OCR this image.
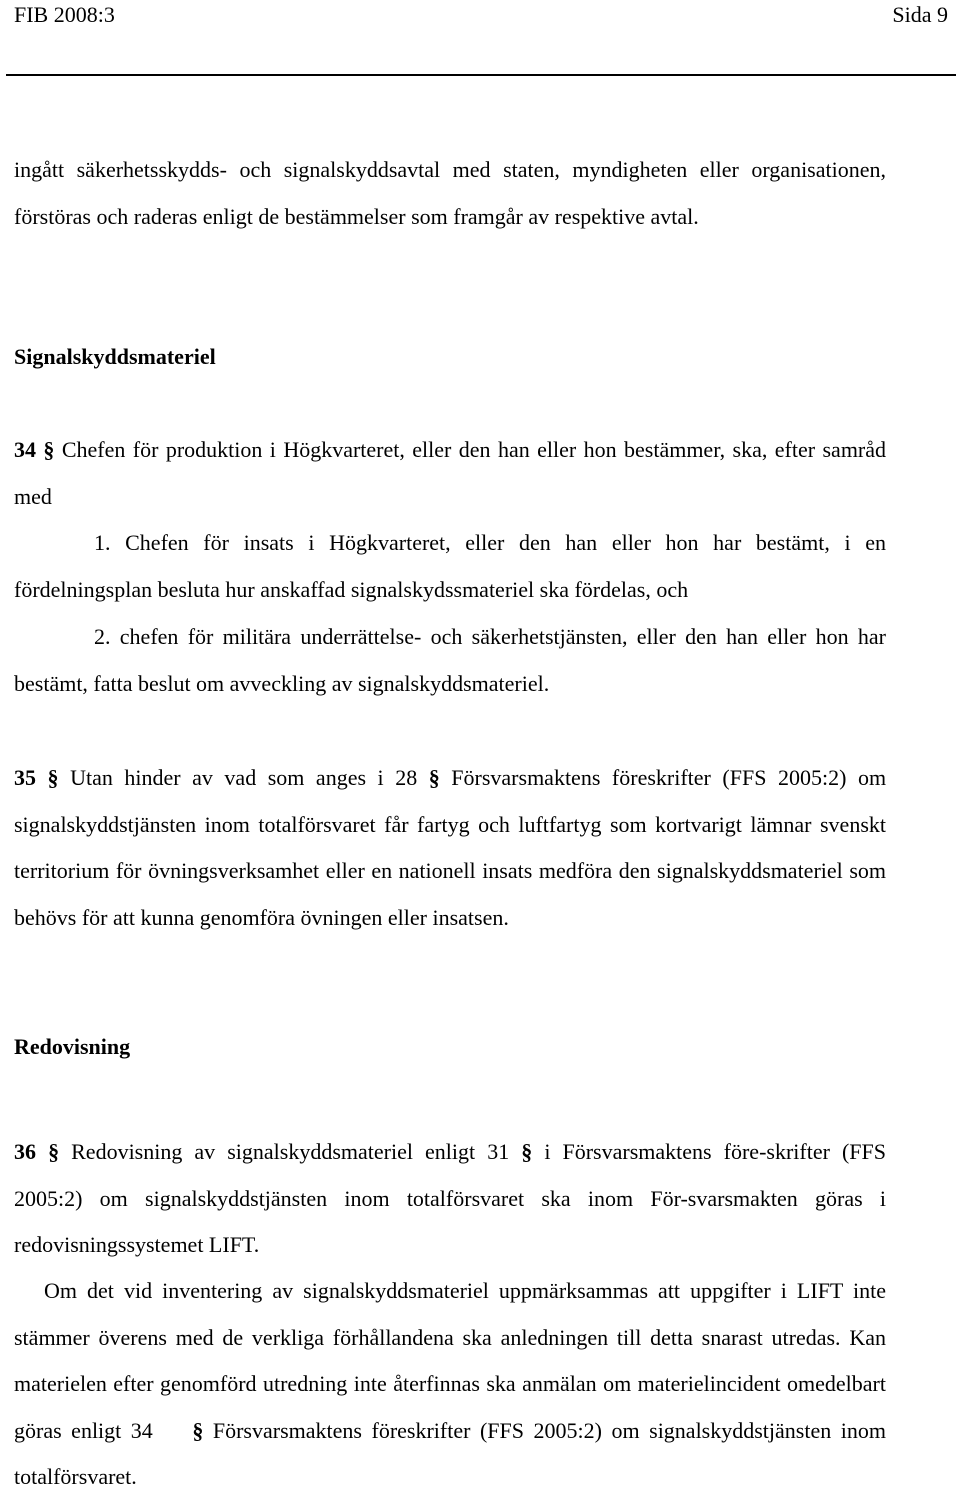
FIB 2008:3	Sida 9

ingått säkerhetsskydds- och signalskyddsavtal med staten, myndigheten eller organisationen, förstöras och raderas enligt de bestämmelser som framgår av respektive avtal.

Signalskyddsmateriel

34 § Chefen för produktion i Högkvarteret, eller den han eller hon bestämmer, ska, efter samråd med

1. Chefen för insats i Högkvarteret, eller den han eller hon har bestämt, i en fördelningsplan besluta hur anskaffad signalskydssmateriel ska fördelas, och

2. chefen för militära underrättelse- och säkerhetstjänsten, eller den han eller hon har bestämt, fatta beslut om avveckling av signalskyddsmateriel.

35 § Utan hinder av vad som anges i 28 § Försvarsmaktens föreskrifter (FFS 2005:2) om signalskyddstjänsten inom totalförsvaret får fartyg och luftfartyg som kortvarigt lämnar svenskt territorium för övningsverksamhet eller en nationell insats medföra den signalskyddsmateriel som behövs för att kunna genomföra övningen eller insatsen.

Redovisning

36 § Redovisning av signalskyddsmateriel enligt 31 § i Försvarsmaktens före-skrifter (FFS 2005:2) om signalskyddstjänsten inom totalförsvaret ska inom För-svarsmakten göras i redovisningssystemet LIFT.

Om det vid inventering av signalskyddsmateriel uppmärksammas att uppgifter i LIFT inte stämmer överens med de verkliga förhållandena ska anledningen till detta snarast utredas. Kan materielen efter genomförd utredning inte återfinnas ska anmälan om materielincident omedelbart göras enligt 34 § Försvarsmaktens föreskrifter (FFS 2005:2) om signalskyddstjänsten inom totalförsvaret.
